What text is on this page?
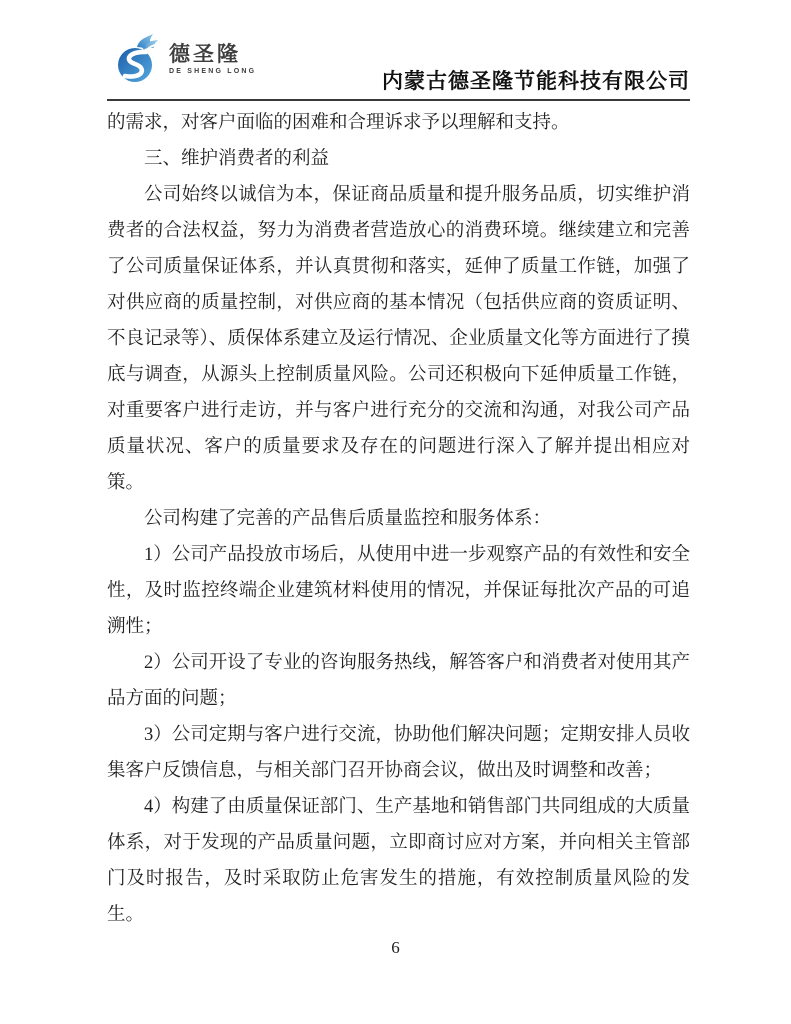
德圣隆
DE SHENG LONG	内蒙古德圣隆节能科技有限公司

的需求，对客户面临的困难和合理诉求予以理解和支持。

三、维护消费者的利益

公司始终以诚信为本，保证商品质量和提升服务品质，切实维护消费者的合法权益，努力为消费者营造放心的消费环境。继续建立和完善了公司质量保证体系，并认真贯彻和落实，延伸了质量工作链，加强了对供应商的质量控制，对供应商的基本情况（包括供应商的资质证明、不良记录等）、质保体系建立及运行情况、企业质量文化等方面进行了摸底与调查，从源头上控制质量风险。公司还积极向下延伸质量工作链，对重要客户进行走访，并与客户进行充分的交流和沟通，对我公司产品质量状况、客户的质量要求及存在的问题进行深入了解并提出相应对策。

公司构建了完善的产品售后质量监控和服务体系：

1）公司产品投放市场后，从使用中进一步观察产品的有效性和安全性，及时监控终端企业建筑材料使用的情况，并保证每批次产品的可追溯性；

2）公司开设了专业的咨询服务热线，解答客户和消费者对使用其产品方面的问题；

3）公司定期与客户进行交流，协助他们解决问题；定期安排人员收集客户反馈信息，与相关部门召开协商会议，做出及时调整和改善；

4）构建了由质量保证部门、生产基地和销售部门共同组成的大质量体系，对于发现的产品质量问题，立即商讨应对方案，并向相关主管部门及时报告，及时采取防止危害发生的措施，有效控制质量风险的发生。

6
